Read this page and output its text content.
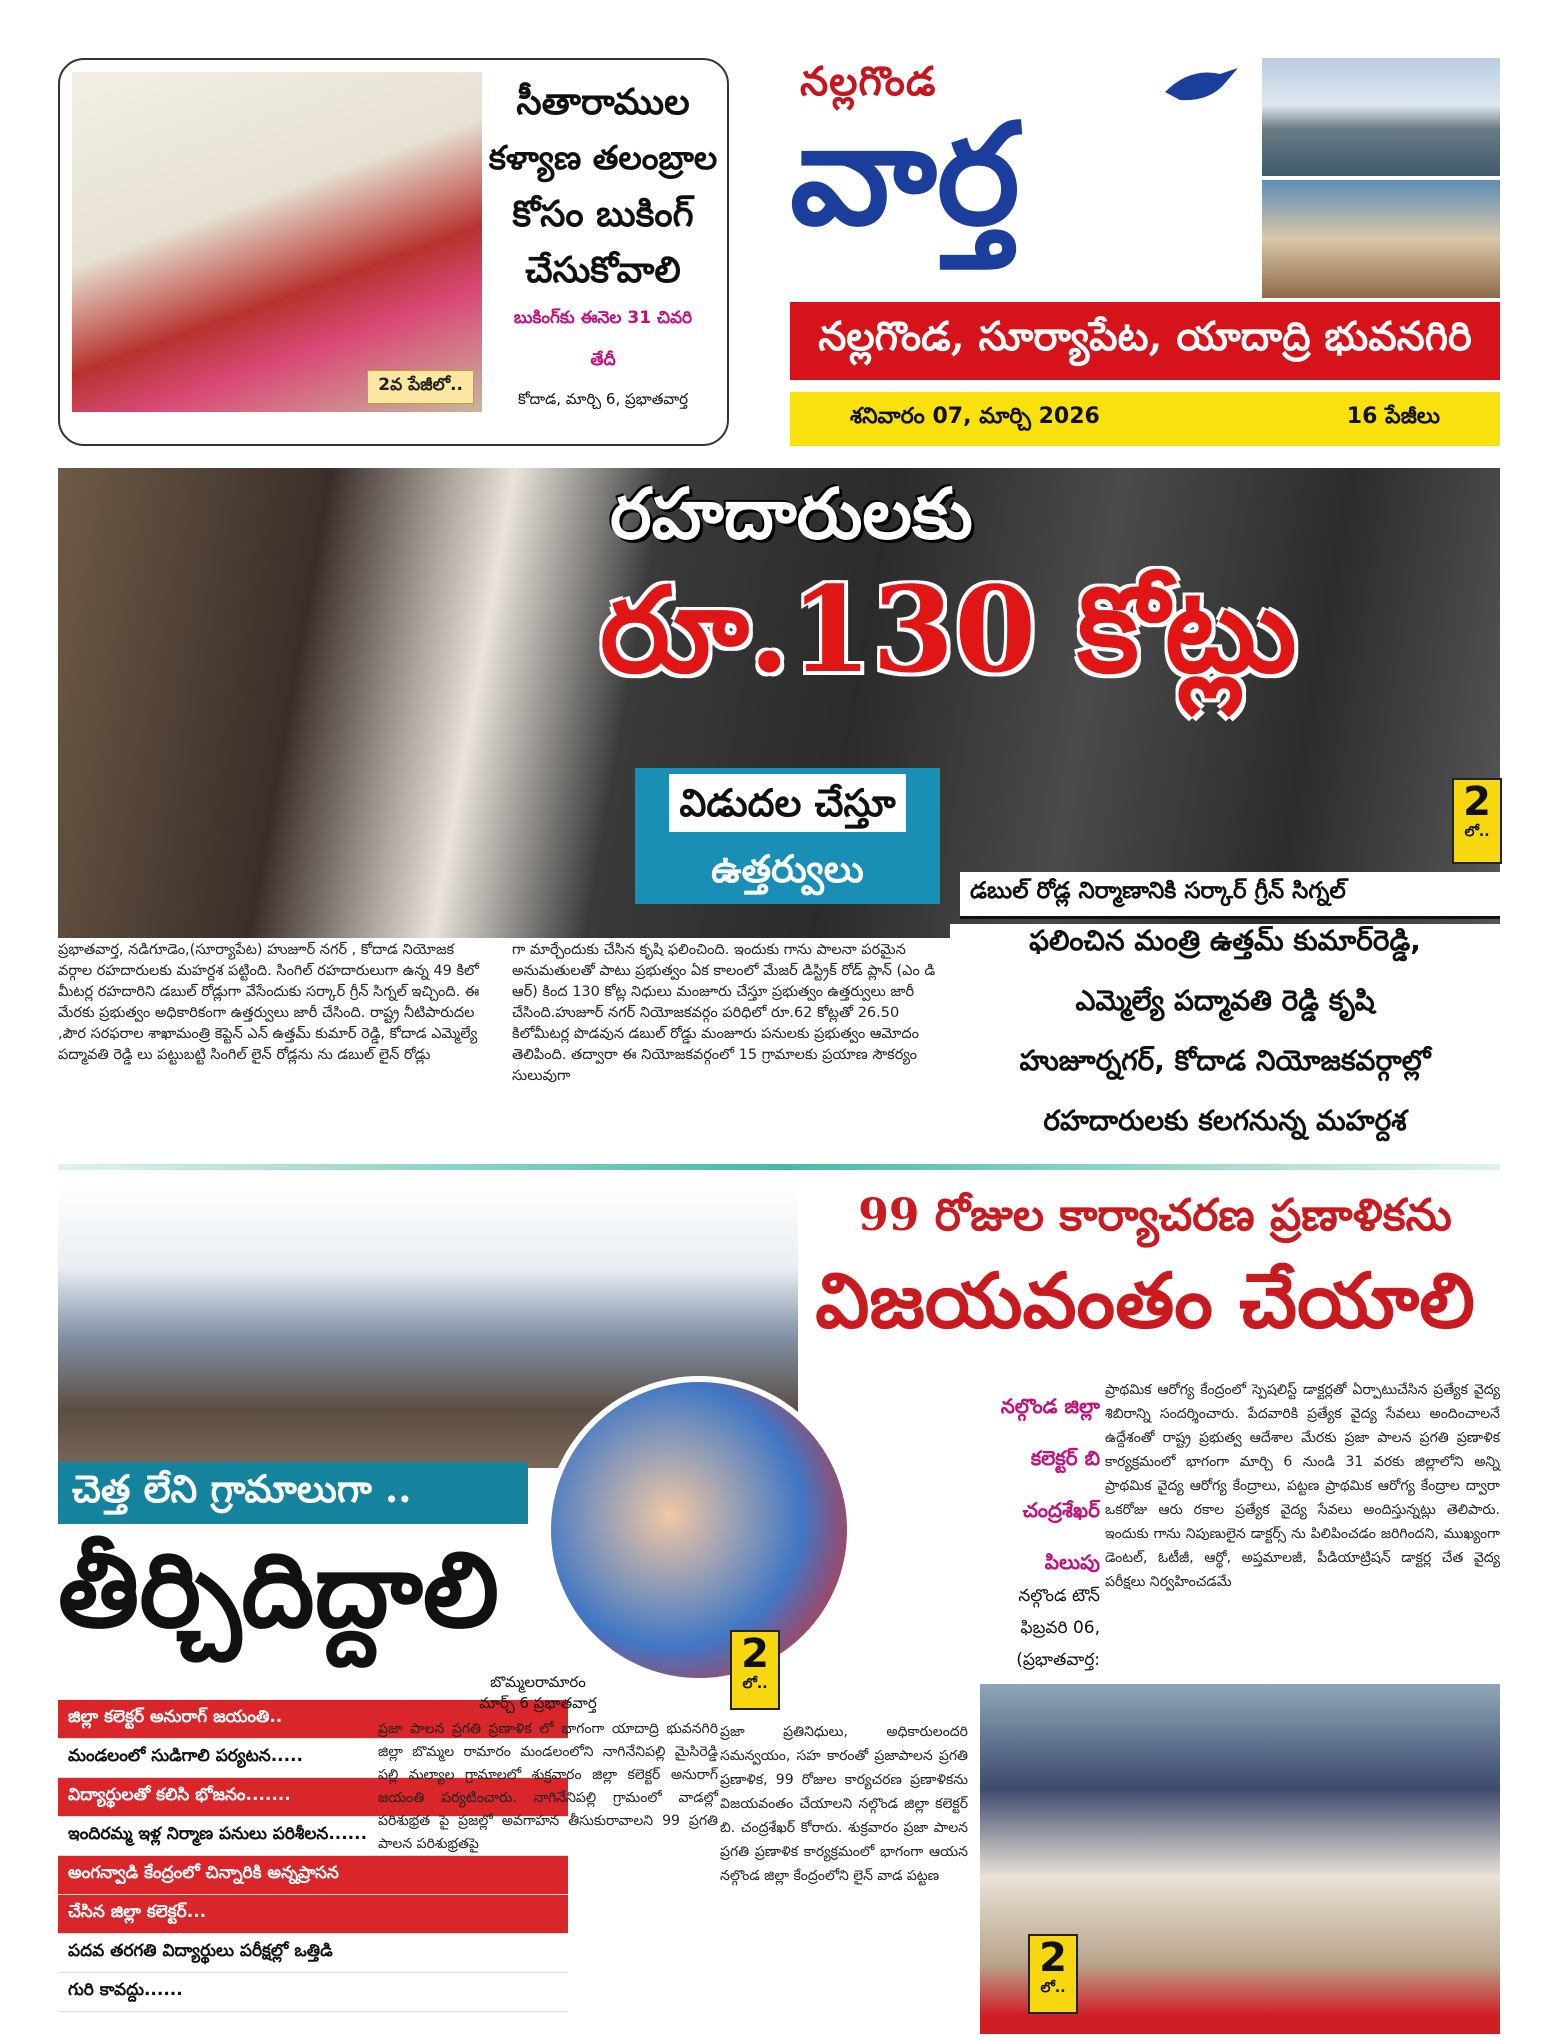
2వ పేజీలో..
సీతారాముల
కళ్యాణ తలంబ్రాల
కోసం బుకింగ్
చేసుకోవాలి
బుకింగ్‌కు ఈనెల 31 చివరి
తేదీ
కోదాడ, మార్చి 6, ప్రభాతవార్త
నల్లగొండ
వార్త
నల్లగొండ, సూర్యాపేట, యాదాద్రి భువనగిరి
శనివారం 07, మార్చి 2026	16 పేజీలు
రహదారులకు
రూ.130 కోట్లు
విడుదల చేస్తూ
ఉత్తర్వులు
2
లో..
డబుల్ రోడ్ల నిర్మాణానికి సర్కార్ గ్రీన్ సిగ్నల్
ఫలించిన మంత్రి ఉత్తమ్ కుమార్‌రెడ్డి,
ఎమ్మెల్యే పద్మావతి రెడ్డి కృషి
హుజూర్నగర్, కోదాడ నియోజకవర్గాల్లో
రహదారులకు కలగనున్న మహర్దశ

ప్రభాతవార్త, నడిగూడెం,(సూర్యాపేట) హుజూర్ నగర్ , కోదాడ నియోజక వర్గాల రహదారులకు మహర్దశ పట్టింది. సింగిల్ రహదారులుగా ఉన్న 49 కిలో మీటర్ల రహదారిని డబుల్ రోడ్లుగా వేసేందుకు సర్కార్ గ్రీన్ సిగ్నల్ ఇచ్చింది. ఈ మేరకు ప్రభుత్వం అధికారికంగా ఉత్తర్వులు జారీ చేసింది. రాష్ట్ర నీటిపారుదల ,పౌర సరఫరాల శాఖామంత్రి కెప్టెన్ ఎన్ ఉత్తమ్ కుమార్ రెడ్డి, కోదాడ ఎమ్మెల్యే పద్మావతి రెడ్డి లు పట్టుబట్టి సింగిల్ లైన్ రోడ్లను ను డబుల్ లైన్ రోడ్లు

గా మార్చేందుకు చేసిన కృషి ఫలించింది. ఇందుకు గాను పాలనా పరమైన అనుమతులతో పాటు ప్రభుత్వం ఏక కాలంలో మేజర్ డిస్ట్రిక్ రోడ్ ప్లాన్ (ఎం డి ఆర్) కింద 130 కోట్ల నిధులు మంజూరు చేస్తూ ప్రభుత్వం ఉత్తర్వులు జారీ చేసింది.హుజూర్ నగర్ నియోజకవర్గం పరిధిలో రూ.62 కోట్లతో 26.50 కిలోమీటర్ల పొడవున డబుల్ రోడ్డు మంజూరు పనులకు ప్రభుత్వం ఆమోదం తెలిపింది. తద్వారా ఈ నియోజకవర్గంలో 15 గ్రామాలకు ప్రయాణ సౌకర్యం సులువుగా

2
లో..
చెత్త లేని గ్రామాలుగా ..
తీర్చిదిద్దాలి
జిల్లా కలెక్టర్ అనురాగ్ జయంతి..
మండలంలో సుడిగాలి పర్యటన.....
విద్యార్థులతో కలిసి భోజనం.......
ఇందిరమ్మ ఇళ్ల నిర్మాణ పనులు పరిశీలన......
అంగన్వాడి కేంద్రంలో చిన్నారికి అన్నప్రాసన
చేసిన జిల్లా కలెక్టర్...
పదవ తరగతి విద్యార్థులు పరీక్షల్లో ఒత్తిడి
గురి కావద్దు......
బొమ్మలరామారం
మార్చ్ 6 ప్రభాతవార్త
ప్రజా పాలన ప్రగతి ప్రణాళిక లో భాగంగా యాదాద్రి భువనగిరి జిల్లా బొమ్మల రామారం మండలంలోని నాగినేనిపల్లి మైసిరెడ్డి పల్లి మల్యాల గ్రామాలలో శుక్రవారం జిల్లా కలెక్టర్ అనురాగ్ జయంతి పర్యటించారు. నాగినేనిపల్లి గ్రామంలో వాడల్లో పరిశుభ్రత పై ప్రజల్లో అవగాహన తీసుకురావాలని 99 ప్రగతి పాలన పరిశుభ్రతపై
99 రోజుల కార్యాచరణ ప్రణాళికను
విజయవంతం చేయాలి
నల్గొండ జిల్లా
కలెక్టర్ బి
చంద్రశేఖర్
పిలుపు
నల్గొండ టౌన్
ఫిబ్రవరి 06,
(ప్రభాతవార్త:
ప్రాథమిక ఆరోగ్య కేంద్రంలో స్పెషలిస్ట్ డాక్టర్లతో ఏర్పాటుచేసిన ప్రత్యేక వైద్య శిబిరాన్ని సందర్శించారు. పేదవారికి ప్రత్యేక వైద్య సేవలు అందించాలనే ఉద్దేశంతో రాష్ట్ర ప్రభుత్వ ఆదేశాల మేరకు ప్రజా పాలన ప్రగతి ప్రణాళిక కార్యక్రమంలో భాగంగా మార్చి 6 నుండి 31 వరకు జిల్లాలోని అన్ని ప్రాథమిక వైద్య ఆరోగ్య కేంద్రాలు, పట్టణ ప్రాథమిక ఆరోగ్య కేంద్రాల ద్వారా ఒకరోజు ఆరు రకాల ప్రత్యేక వైద్య సేవలు అందిస్తున్నట్లు తెలిపారు. ఇందుకు గాను నిపుణులైన డాక్టర్స్ ను పిలిపించడం జరిగిందని, ముఖ్యంగా డెంటల్, ఓటీజీ, ఆర్థో, అప్తమాలజీ, పీడియాట్రిషన్ డాక్టర్ల చేత వైద్య పరీక్షలు నిర్వహించడమే
ప్రజా ప్రతినిధులు, అధికారులందరి సమన్వయం, సహ కారంతో ప్రజాపాలన ప్రగతి ప్రణాళిక, 99 రోజుల కార్యచరణ ప్రణాళికను విజయవంతం చేయాలని నల్గొండ జిల్లా కలెక్టర్ బి. చంద్రశేఖర్ కోరారు. శుక్రవారం ప్రజా పాలన ప్రగతి ప్రణాళిక కార్యక్రమంలో భాగంగా ఆయన నల్గొండ జిల్లా కేంద్రంలోని లైన్ వాడ పట్టణ
2
లో..
